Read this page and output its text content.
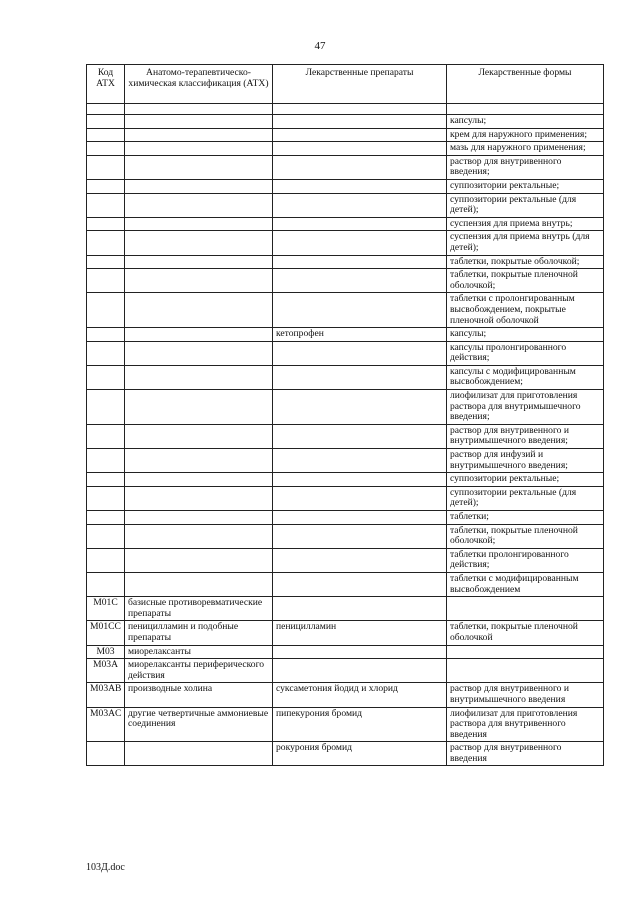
47
Код АТХ	Анатомо-терапевтическо-химическая классификация (АТХ)	Лекарственные препараты	Лекарственные формы

			капсулы;
			крем для наружного применения;
			мазь для наружного применения;
			раствор для внутривенного введения;
			суппозитории ректальные;
			суппозитории ректальные (для детей);
			суспензия для приема внутрь;
			суспензия для приема внутрь (для детей);
			таблетки, покрытые оболочкой;
			таблетки, покрытые пленочной оболочкой;
			таблетки с пролонгированным высвобождением, покрытые пленочной оболочкой
		кетопрофен	капсулы;
			капсулы пролонгированного действия;
			капсулы с модифицированным высвобождением;
			лиофилизат для приготовления раствора для внутримышечного введения;
			раствор для внутривенного и внутримышечного введения;
			раствор для инфузий и внутримышечного введения;
			суппозитории ректальные;
			суппозитории ректальные (для детей);
			таблетки;
			таблетки, покрытые пленочной оболочкой;
			таблетки пролонгированного действия;
			таблетки с модифицированным высвобождением
M01C	базисные противоревматические препараты		
M01CC	пеницилламин и подобные препараты	пеницилламин	таблетки, покрытые пленочной оболочкой
M03	миорелаксанты		
M03A	миорелаксанты периферического действия		
M03AB	производные холина	суксаметония йодид и хлорид	раствор для внутривенного и внутримышечного введения
M03AC	другие четвертичные аммониевые соединения	пипекурония бромид	лиофилизат для приготовления раствора для внутривенного введения
		рокурония бромид	раствор для внутривенного введения
103Д.doc
